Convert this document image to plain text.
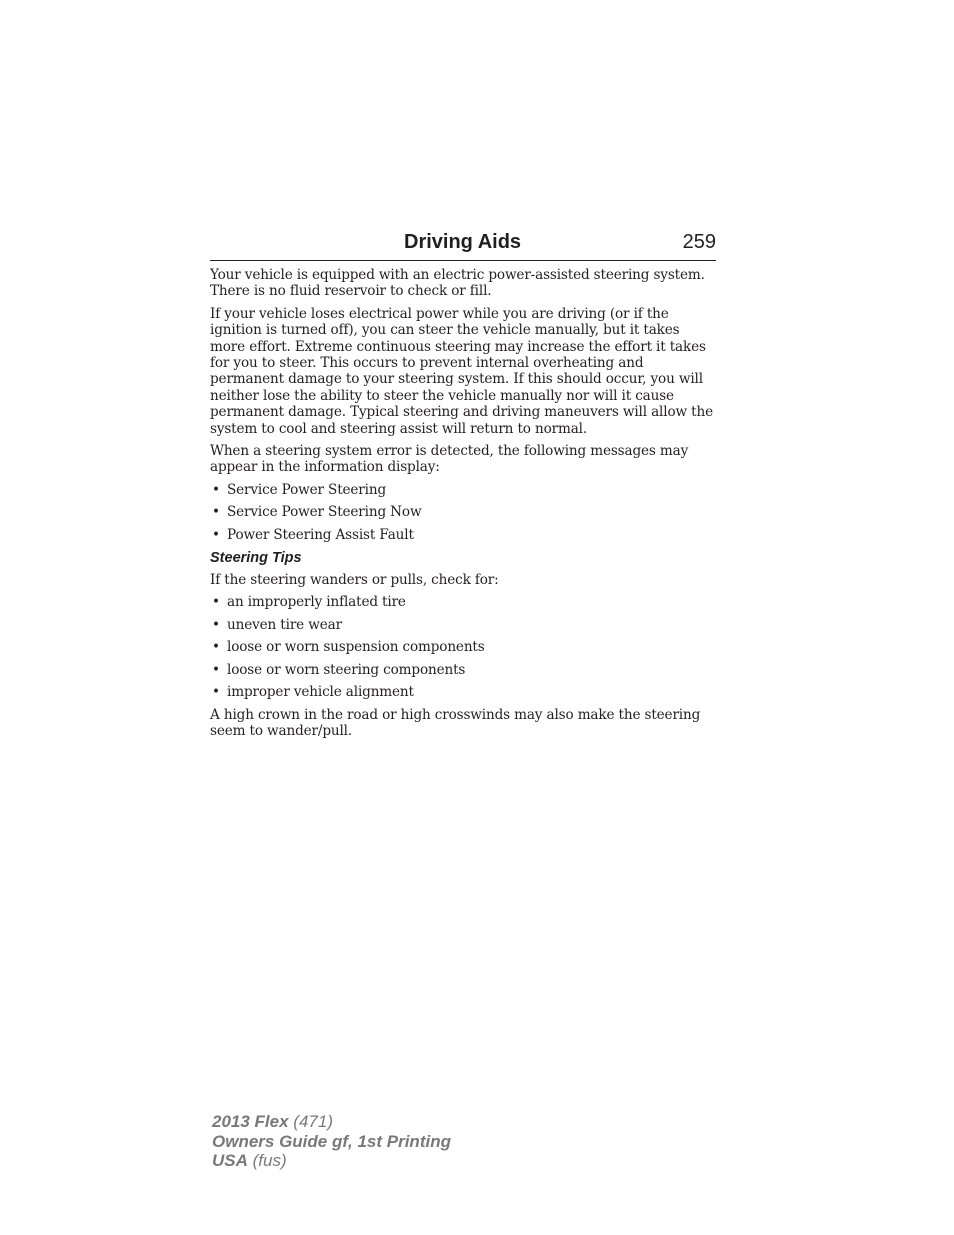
Driving Aids	259

Your vehicle is equipped with an electric power-assisted steering system. There is no fluid reservoir to check or fill.

If your vehicle loses electrical power while you are driving (or if the ignition is turned off), you can steer the vehicle manually, but it takes more effort. Extreme continuous steering may increase the effort it takes for you to steer. This occurs to prevent internal overheating and permanent damage to your steering system. If this should occur, you will neither lose the ability to steer the vehicle manually nor will it cause permanent damage. Typical steering and driving maneuvers will allow the system to cool and steering assist will return to normal.

When a steering system error is detected, the following messages may appear in the information display:

• Service Power Steering
• Service Power Steering Now
• Power Steering Assist Fault
Steering Tips

If the steering wanders or pulls, check for:

• an improperly inflated tire
• uneven tire wear
• loose or worn suspension components
• loose or worn steering components
• improper vehicle alignment

A high crown in the road or high crosswinds may also make the steering seem to wander/pull.

2013 Flex (471)
Owners Guide gf, 1st Printing
USA (fus)
